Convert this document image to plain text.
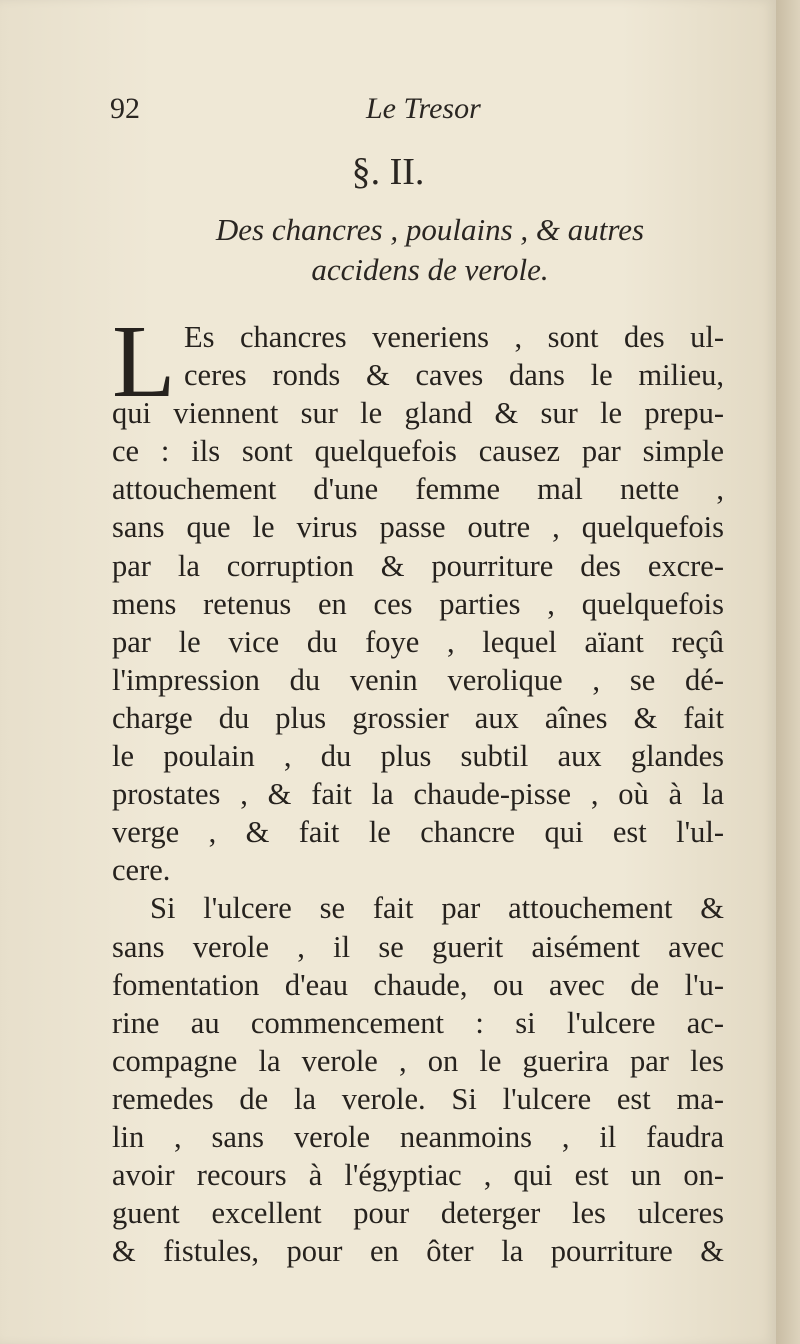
92	Le Tresor
§. II.
Des chancres , poulains , & autres
accidens de verole.
L Es chancres veneriens , sont des ul-
ceres ronds & caves dans le milieu,
qui viennent sur le gland & sur le prepu-
ce : ils sont quelquefois causez par simple
attouchement d'une femme mal nette ,
sans que le virus passe outre , quelquefois
par la corruption & pourriture des excre-
mens retenus en ces parties , quelquefois
par le vice du foye , lequel aïant reçû
l'impression du venin verolique , se dé-
charge du plus grossier aux aînes & fait
le poulain , du plus subtil aux glandes
prostates , & fait la chaude-pisse , où à la
verge , & fait le chancre qui est l'ul-
cere.
Si l'ulcere se fait par attouchement &
sans verole , il se guerit aisément avec
fomentation d'eau chaude, ou avec de l'u-
rine au commencement : si l'ulcere ac-
compagne la verole , on le guerira par les
remedes de la verole. Si l'ulcere est ma-
lin , sans verole neanmoins , il faudra
avoir recours à l'égyptiac , qui est un on-
guent excellent pour deterger les ulceres
& fistules, pour en ôter la pourriture &
